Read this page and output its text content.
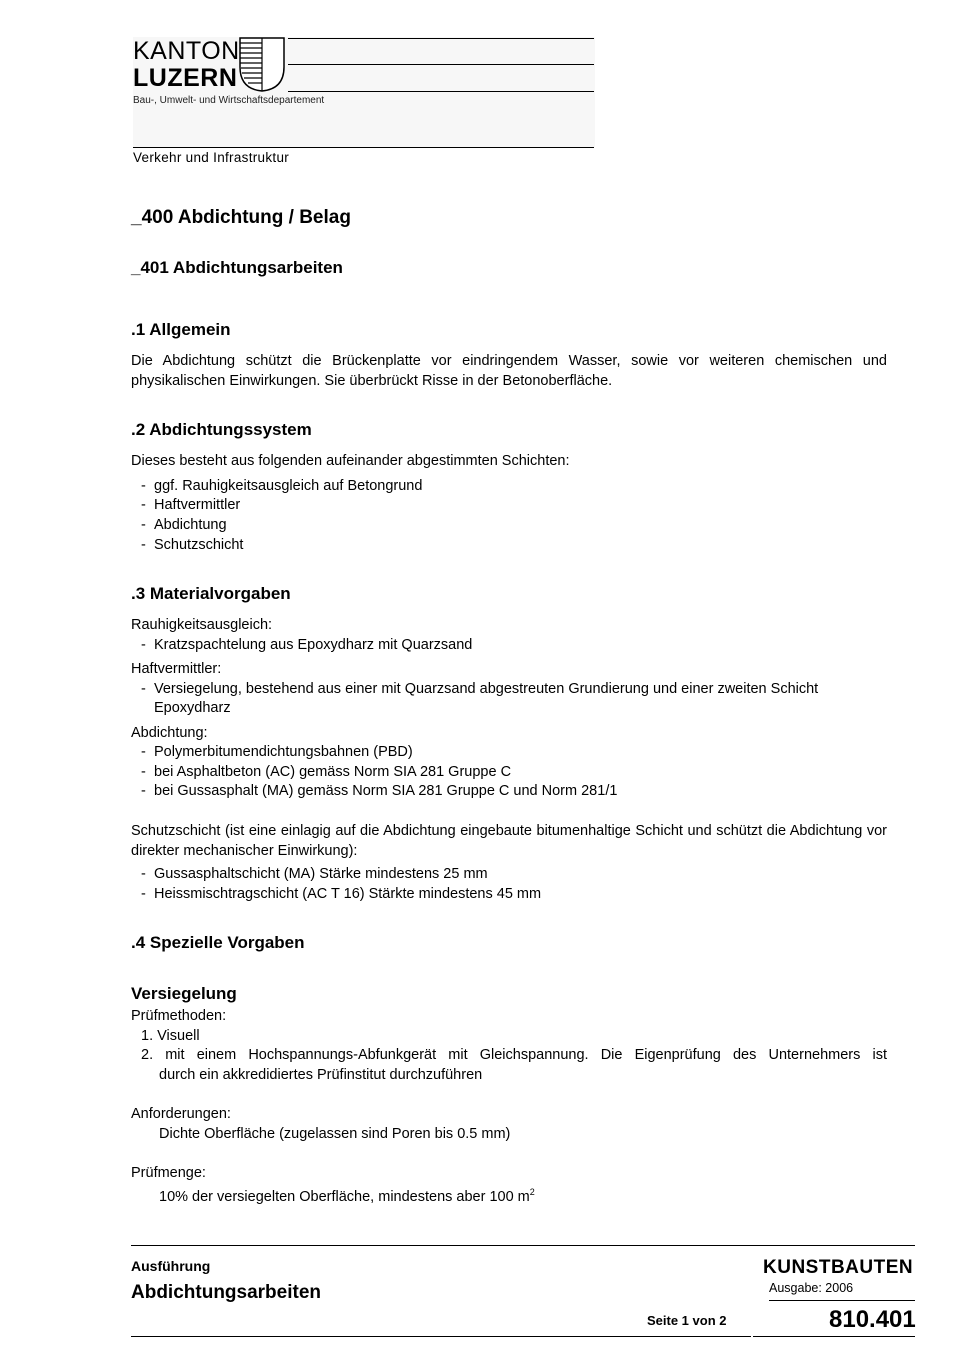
KANTON
LUZERN
Bau-, Umwelt- und Wirtschaftsdepartement
Verkehr und Infrastruktur
_400 Abdichtung / Belag
_401 Abdichtungsarbeiten
.1 Allgemein
Die Abdichtung schützt die Brückenplatte vor eindringendem Wasser, sowie vor weiteren chemischen und physikalischen Einwirkungen. Sie überbrückt Risse in der Betonoberfläche.
.2 Abdichtungssystem
Dieses besteht aus folgenden aufeinander abgestimmten Schichten:
- ggf. Rauhigkeitsausgleich auf Betongrund
- Haftvermittler
- Abdichtung
- Schutzschicht
.3 Materialvorgaben
Rauhigkeitsausgleich:
- Kratzspachtelung aus Epoxydharz mit Quarzsand
Haftvermittler:
- Versiegelung, bestehend aus einer mit Quarzsand abgestreuten Grundierung und einer zweiten Schicht
Epoxydharz
Abdichtung:
- Polymerbitumendichtungsbahnen (PBD)
- bei Asphaltbeton (AC) gemäss Norm SIA 281 Gruppe C
- bei Gussasphalt (MA) gemäss Norm SIA 281 Gruppe C und Norm 281/1
Schutzschicht (ist eine einlagig auf die Abdichtung eingebaute bitumenhaltige Schicht und schützt die Abdichtung vor direkter mechanischer Einwirkung):
- Gussasphaltschicht (MA) Stärke mindestens 25 mm
- Heissmischtragschicht (AC T 16) Stärkte mindestens 45 mm
.4 Spezielle Vorgaben
Versiegelung
Prüfmethoden:
1. Visuell
2. mit einem Hochspannungs-Abfunkgerät mit Gleichspannung. Die Eigenprüfung des Unternehmers ist
durch ein akkredidiertes Prüfinstitut durchzuführen
Anforderungen:
Dichte Oberfläche (zugelassen sind Poren bis 0.5 mm)
Prüfmenge:
10% der versiegelten Oberfläche, mindestens aber 100 $m^2$
Ausführung
Abdichtungsarbeiten
KUNSTBAUTEN
Ausgabe: 2006
Seite 1 von 2	810.401
